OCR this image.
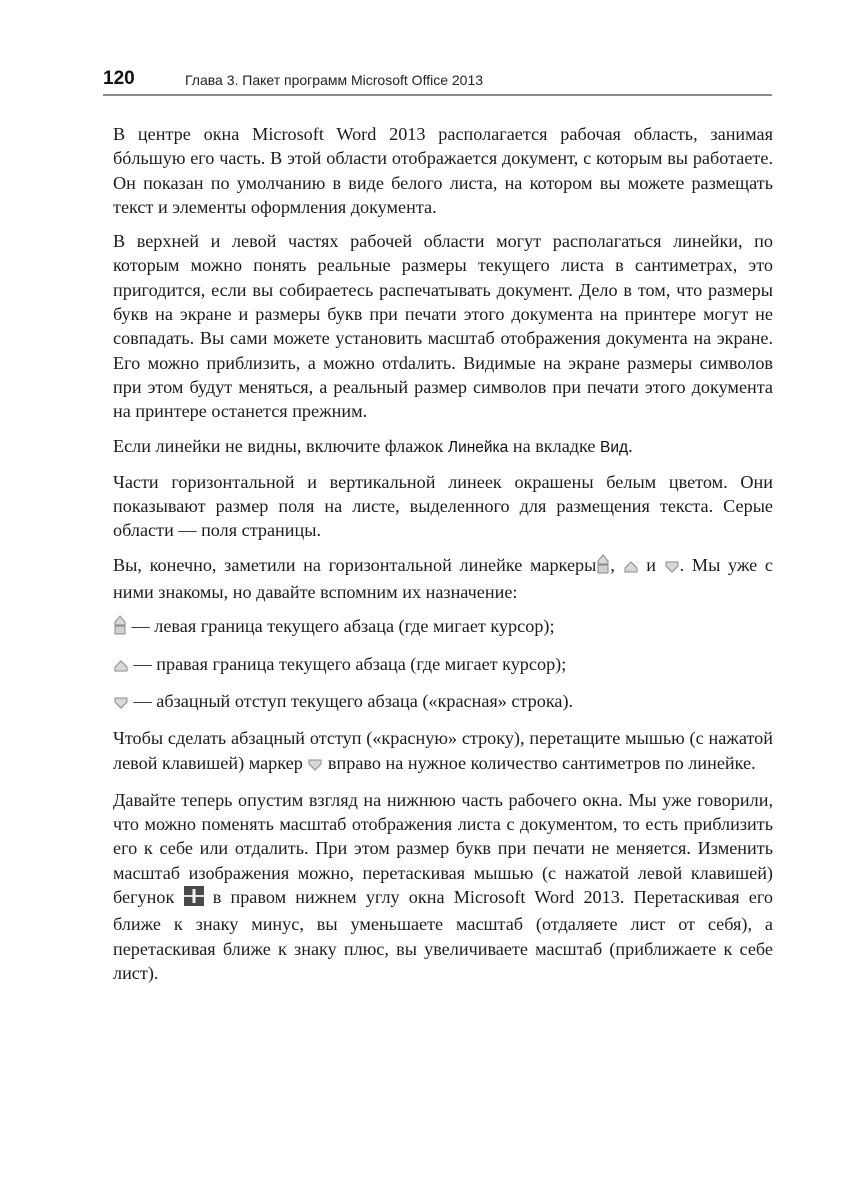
120	Глава 3. Пакет программ Microsoft Office 2013

В центре окна Microsoft Word 2013 располагается рабочая область, занимая бóльшую его часть. В этой области отображается документ, с которым вы работаете. Он показан по умолчанию в виде белого листа, на котором вы можете размещать текст и элементы оформления документа.

В верхней и левой частях рабочей области могут располагаться линейки, по которым можно понять реальные размеры текущего листа в сантиметрах, это пригодится, если вы собираетесь распечатывать документ. Дело в том, что размеры букв на экране и размеры букв при печати этого документа на принтере могут не совпадать. Вы сами можете установить масштаб отображения документа на экране. Его можно приблизить, а можно отdалить. Видимые на экране размеры символов при этом будут меняться, а реальный размер символов при печати этого документа на принтере останется прежним.

Если линейки не видны, включите флажок Линейка на вкладке Вид.

Части горизонтальной и вертикальной линеек окрашены белым цветом. Они показывают размер поля на листе, выделенного для размещения текста. Серые области — поля страницы.

Вы, конечно, заметили на горизонтальной линейке маркеры ,  и . Мы уже с ними знакомы, но давайте вспомним их назначение:

— левая граница текущего абзаца (где мигает курсор);
— правая граница текущего абзаца (где мигает курсор);
— абзацный отступ текущего абзаца («красная» строка).

Чтобы сделать абзацный отступ («красную» строку), перетащите мышью (с нажатой левой клавишей) маркер  вправо на нужное количество сантиметров по линейке.

Давайте теперь опустим взгляд на нижнюю часть рабочего окна. Мы уже говорили, что можно поменять масштаб отображения листа с документом, то есть приблизить его к себе или отдалить. При этом размер букв при печати не меняется. Изменить масштаб изображения можно, перетаскивая мышью (с нажатой левой клавишей) бегунок  в правом нижнем углу окна Microsoft Word 2013. Перетаскивая его ближе к знаку минус, вы уменьшаете масштаб (отдаляете лист от себя), а перетаскивая ближе к знаку плюс, вы увеличиваете масштаб (приближаете к себе лист).
